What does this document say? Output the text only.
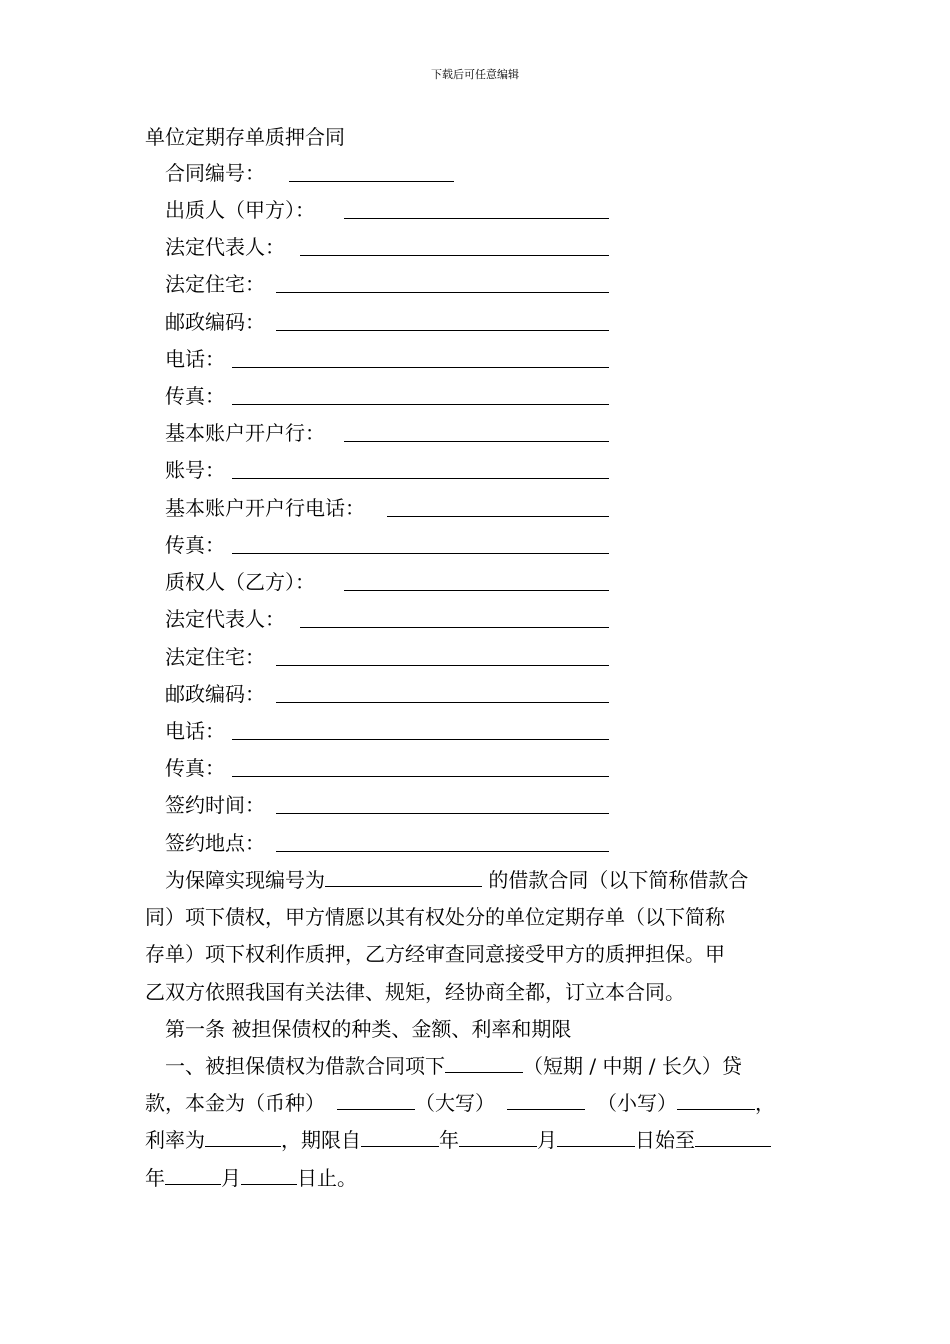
下载后可任意编辑
单位定期存单质押合同
合同编号：
出质人（甲方）：
法定代表人：
法定住宅：
邮政编码：
电话：
传真：
基本账户开户行：
账号：
基本账户开户行电话：
传真：
质权人（乙方）：
法定代表人：
法定住宅：
邮政编码：
电话：
传真：
签约时间：
签约地点：
为保障实现编号为	的借款合同（以下简称借款合
同）项下债权，甲方情愿以其有权处分的单位定期存单（以下简称
存单）项下权利作质押，乙方经审查同意接受甲方的质押担保。甲
乙双方依照我国有关法律、规矩，经协商全都，订立本合同。
第一条 被担保债权的种类、金额、利率和期限
一、被担保债权为借款合同项下	（短期 / 中期 / 长久）贷
款，本金为（币种）	（大写）	（小写）	，
利率为	，期限自	年	月	日始至
年	月	日止。
